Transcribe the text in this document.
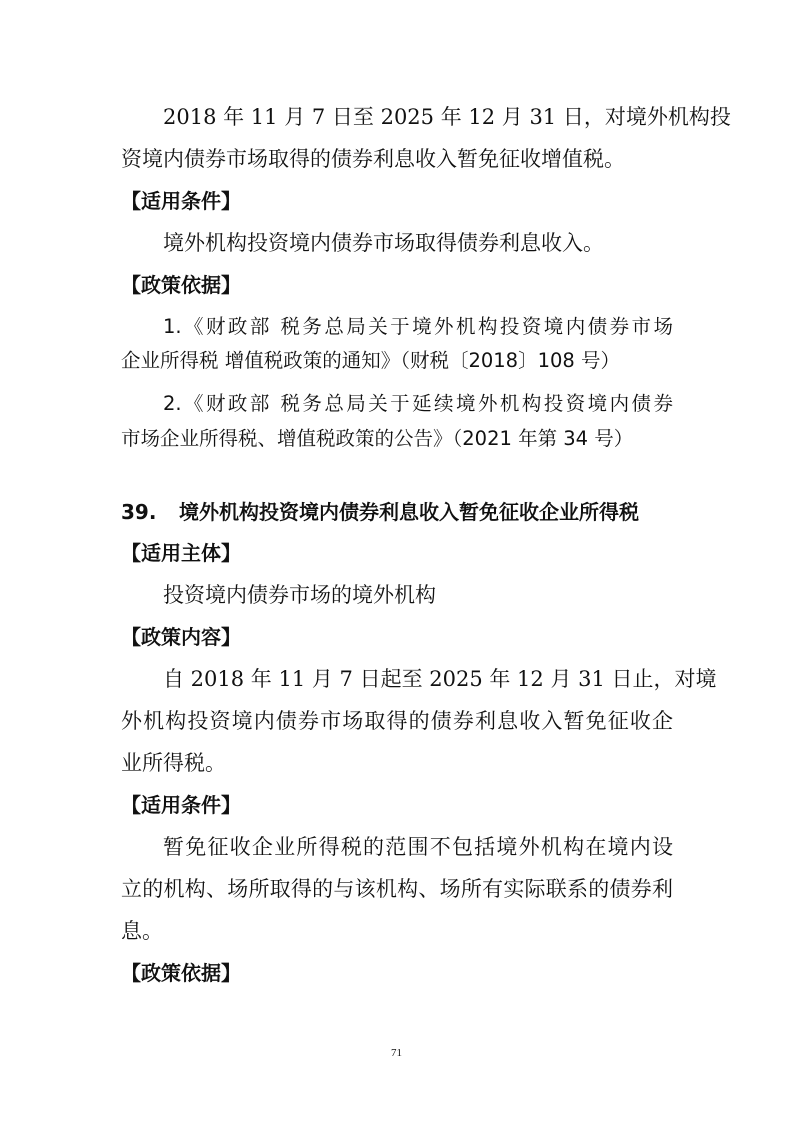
2018 年 11 月 7 日至 2025 年 12 月 31 日，对境外机构投
资境内债券市场取得的债券利息收入暂免征收增值税。
【适用条件】
境外机构投资境内债券市场取得债券利息收入。
【政策依据】
1.《财政部 税务总局关于境外机构投资境内债券市场
企业所得税 增值税政策的通知》（财税〔2018〕108 号）
2.《财政部 税务总局关于延续境外机构投资境内债券
市场企业所得税、增值税政策的公告》（2021 年第 34 号）
39. 境外机构投资境内债券利息收入暂免征收企业所得税
【适用主体】
投资境内债券市场的境外机构
【政策内容】
自 2018 年 11 月 7 日起至 2025 年 12 月 31 日止，对境
外机构投资境内债券市场取得的债券利息收入暂免征收企
业所得税。
【适用条件】
暂免征收企业所得税的范围不包括境外机构在境内设
立的机构、场所取得的与该机构、场所有实际联系的债券利
息。
【政策依据】
71
